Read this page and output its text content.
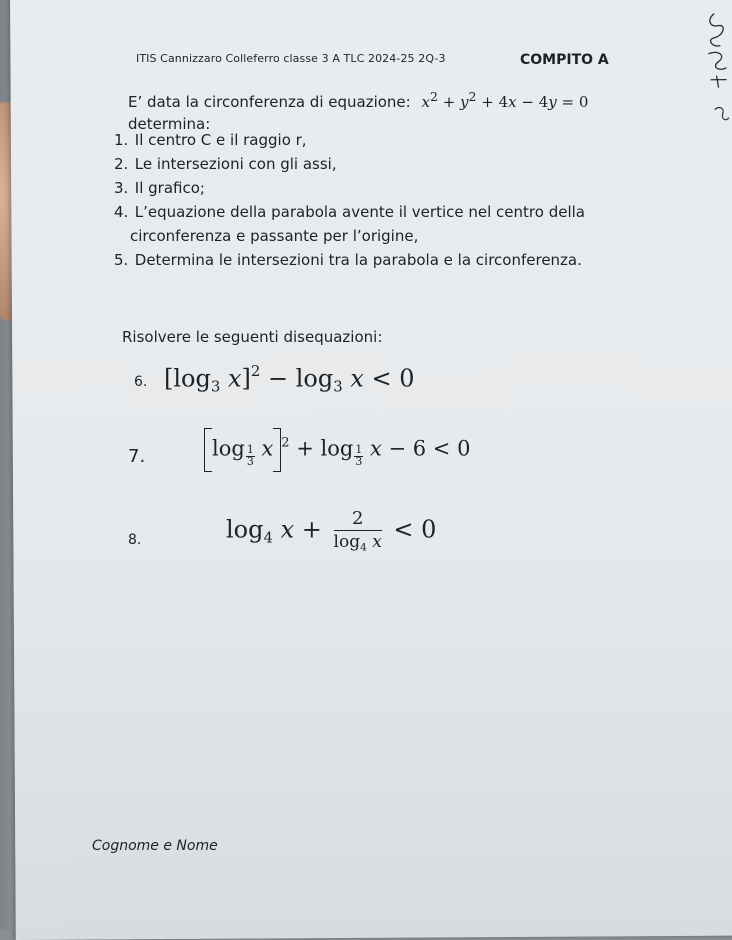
ITIS Cannizzaro Colleferro classe 3 A TLC 2024-25 2Q-3	COMPITO A
E’ data la circonferenza di equazione: $x^2 + y^2 + 4x - 4y = 0$
determina:
1. Il centro C e il raggio r,
2. Le intersezioni con gli assi,
3. Il grafico;
4. L’equazione della parabola avente il vertice nel centro della
circonferenza e passante per l’origine,
5. Determina le intersezioni tra la parabola e la circonferenza.
Risolvere le seguenti disequazioni:
6. [$\log_3$ $x]^2 - \log_3 x < 0$
7.	$\log \frac{1}{3}$ x $^2 + \log \frac{1}{3}$ x − 6 < 0
8.	$\log_4 x + \frac{2}{\log_4 x} < 0$
Cognome e Nome
